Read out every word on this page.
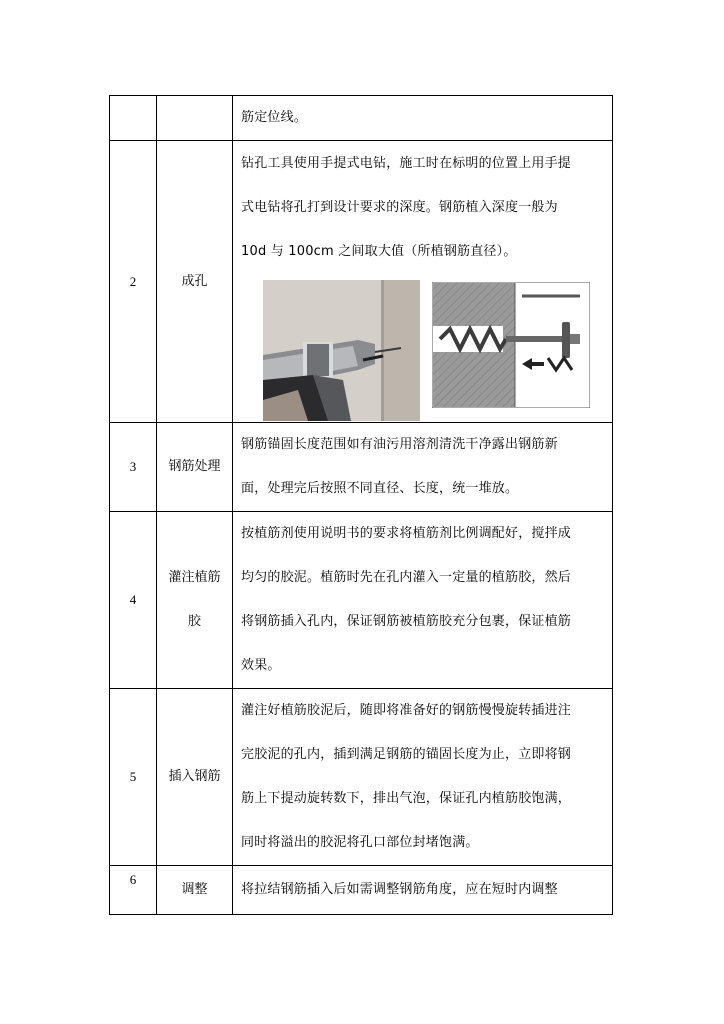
		筋定位线。

2	成孔	钻孔工具使用手提式电钻，施工时在标明的位置上用手提
式电钻将孔打到设计要求的深度。钢筋植入深度一般为
10d 与 100cm 之间取大值（所植钢筋直径）。

3	钢筋处理	钢筋锚固长度范围如有油污用溶剂清洗干净露出钢筋新
面，处理完后按照不同直径、长度，统一堆放。

4	灌注植筋
胶	按植筋剂使用说明书的要求将植筋剂比例调配好，搅拌成
均匀的胶泥。植筋时先在孔内灌入一定量的植筋胶，然后
将钢筋插入孔内，保证钢筋被植筋胶充分包裹，保证植筋
效果。

5	插入钢筋	灌注好植筋胶泥后，随即将准备好的钢筋慢慢旋转插进注
完胶泥的孔内，插到满足钢筋的锚固长度为止，立即将钢
筋上下提动旋转数下，排出气泡，保证孔内植筋胶饱满，
同时将溢出的胶泥将孔口部位封堵饱满。

6	调整	将拉结钢筋插入后如需调整钢筋角度，应在短时内调整
